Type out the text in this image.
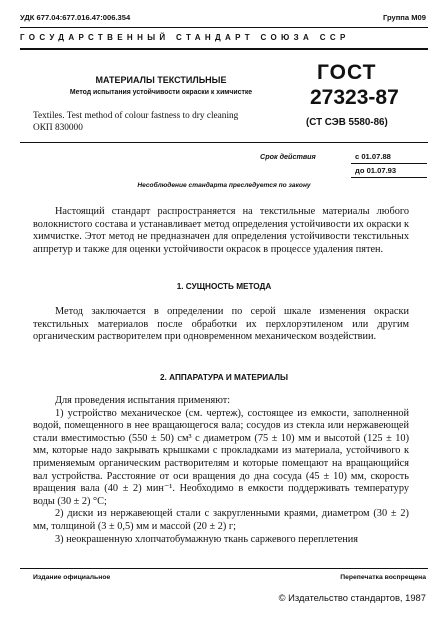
УДК 677.04:677.016.47:006.354	Группа М09
ГОСУДАРСТВЕННЫЙ СТАНДАРТ СОЮЗА ССР
МАТЕРИАЛЫ ТЕКСТИЛЬНЫЕ
Метод испытания устойчивости окраски к химчистке
Textiles. Test method of colour fastness to dry cleaning
ОКП 830000
ГОСТ
27323-87
(СТ СЭВ 5580-86)
Срок действия	с 01.07.88
до 01.07.93
Несоблюдение стандарта преследуется по закону

Настоящий стандарт распространяется на текстильные материалы любого волокнистого состава и устанавливает метод определения устойчивости их окраски к химчистке. Этот метод не предназначен для определения устойчивости текстильных аппретур и также для оценки устойчивости окрасок в процессе удаления пятен.

1. СУЩНОСТЬ МЕТОДА

Метод заключается в определении по серой шкале изменения окраски текстильных материалов после обработки их перхлорэтиленом или другим органическим растворителем при одновременном механическом воздействии.

2. АППАРАТУРА И МАТЕРИАЛЫ

Для проведения испытания применяют:

1) устройство механическое (см. чертеж), состоящее из емкости, заполненной водой, помещенного в нее вращающегося вала; сосудов из стекла или нержавеющей стали вместимостью (550 ± 50) см³ с диаметром (75 ± 10) мм и высотой (125 ± 10) мм, которые надо закрывать крышками с прокладками из материала, устойчивого к применяемым органическим растворителям и которые помещают на вращающийся вал устройства. Расстояние от оси вращения до дна сосуда (45 ± 10) мм, скорость вращения вала (40 ± 2) мин⁻¹. Необходимо в емкости поддерживать температуру воды (30 ± 2) °С;

2) диски из нержавеющей стали с закругленными краями, диаметром (30 ± 2) мм, толщиной (3 ± 0,5) мм и массой (20 ± 2) г;

3) неокрашенную хлопчатобумажную ткань саржевого переплетения

Издание официальное	Перепечатка воспрещена
© Издательство стандартов, 1987
